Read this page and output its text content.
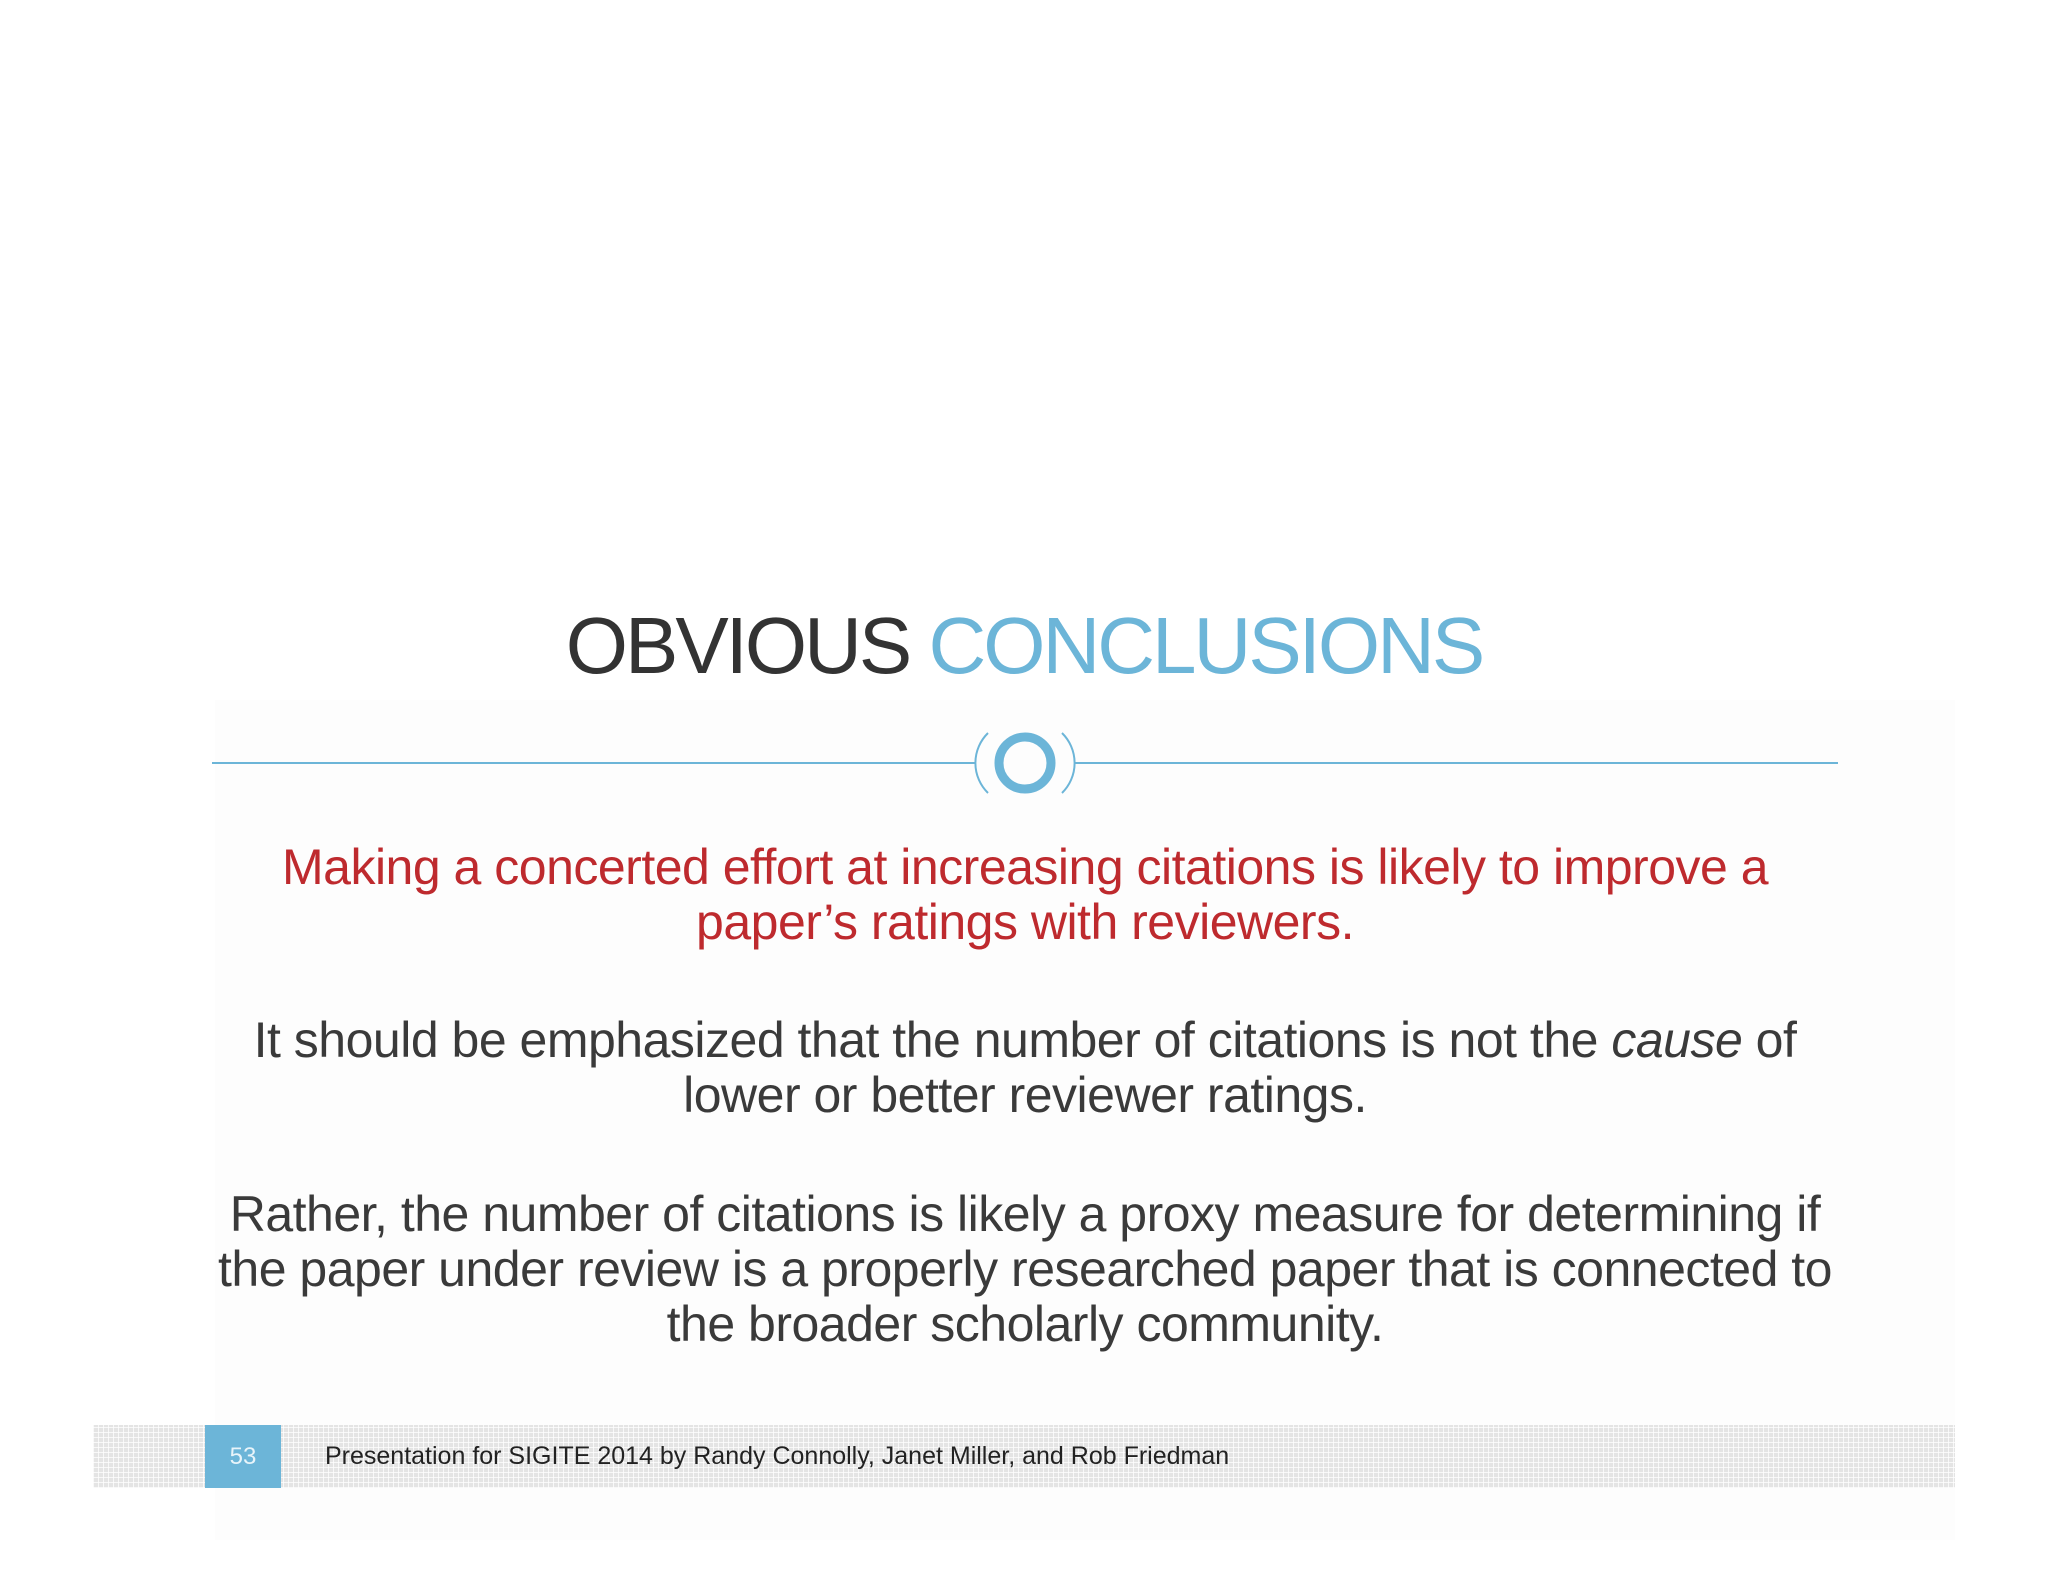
OBVIOUS CONCLUSIONS
Making a concerted effort at increasing citations is likely to improve a paper’s ratings with reviewers.
It should be emphasized that the number of citations is not the cause of lower or better reviewer ratings.
Rather, the number of citations is likely a proxy measure for determining if the paper under review is a properly researched paper that is connected to the broader scholarly community.
53	Presentation for SIGITE 2014 by Randy Connolly, Janet Miller, and Rob Friedman
